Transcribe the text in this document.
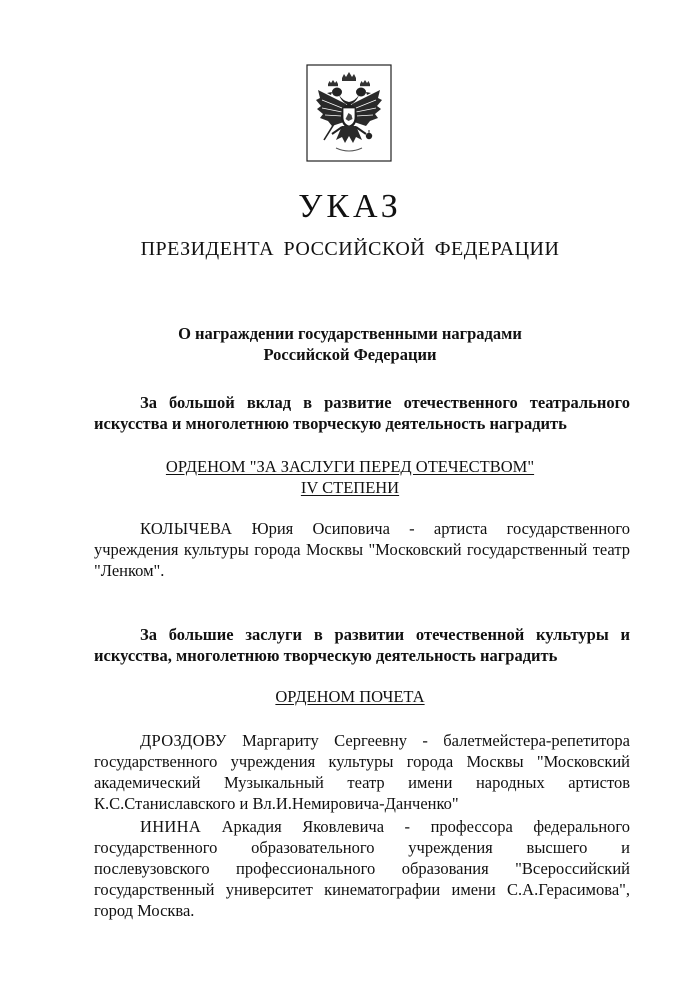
УКАЗ
ПРЕЗИДЕНТА РОССИЙСКОЙ ФЕДЕРАЦИИ
О награждении государственными наградами
Российской Федерации
За большой вклад в развитие отечественного театрального искусства и многолетнюю творческую деятельность наградить
ОРДЕНОМ "ЗА ЗАСЛУГИ ПЕРЕД ОТЕЧЕСТВОМ"
IV СТЕПЕНИ

КОЛЫЧЕВА Юрия Осиповича - артиста государственного учреждения культуры города Москвы "Московский государственный театр "Ленком".

За большие заслуги в развитии отечественной культуры и искусства, многолетнюю творческую деятельность наградить
ОРДЕНОМ ПОЧЕТА

ДРОЗДОВУ Маргариту Сергеевну - балетмейстера-репетитора государственного учреждения культуры города Москвы "Московский академический Музыкальный театр имени народных артистов К.С.Станиславского и Вл.И.Немировича-Данченко"

ИНИНА Аркадия Яковлевича - профессора федерального государственного образовательного учреждения высшего и послевузовского профессионального образования "Всероссийский государственный университет кинематографии имени С.А.Герасимова", город Москва.
